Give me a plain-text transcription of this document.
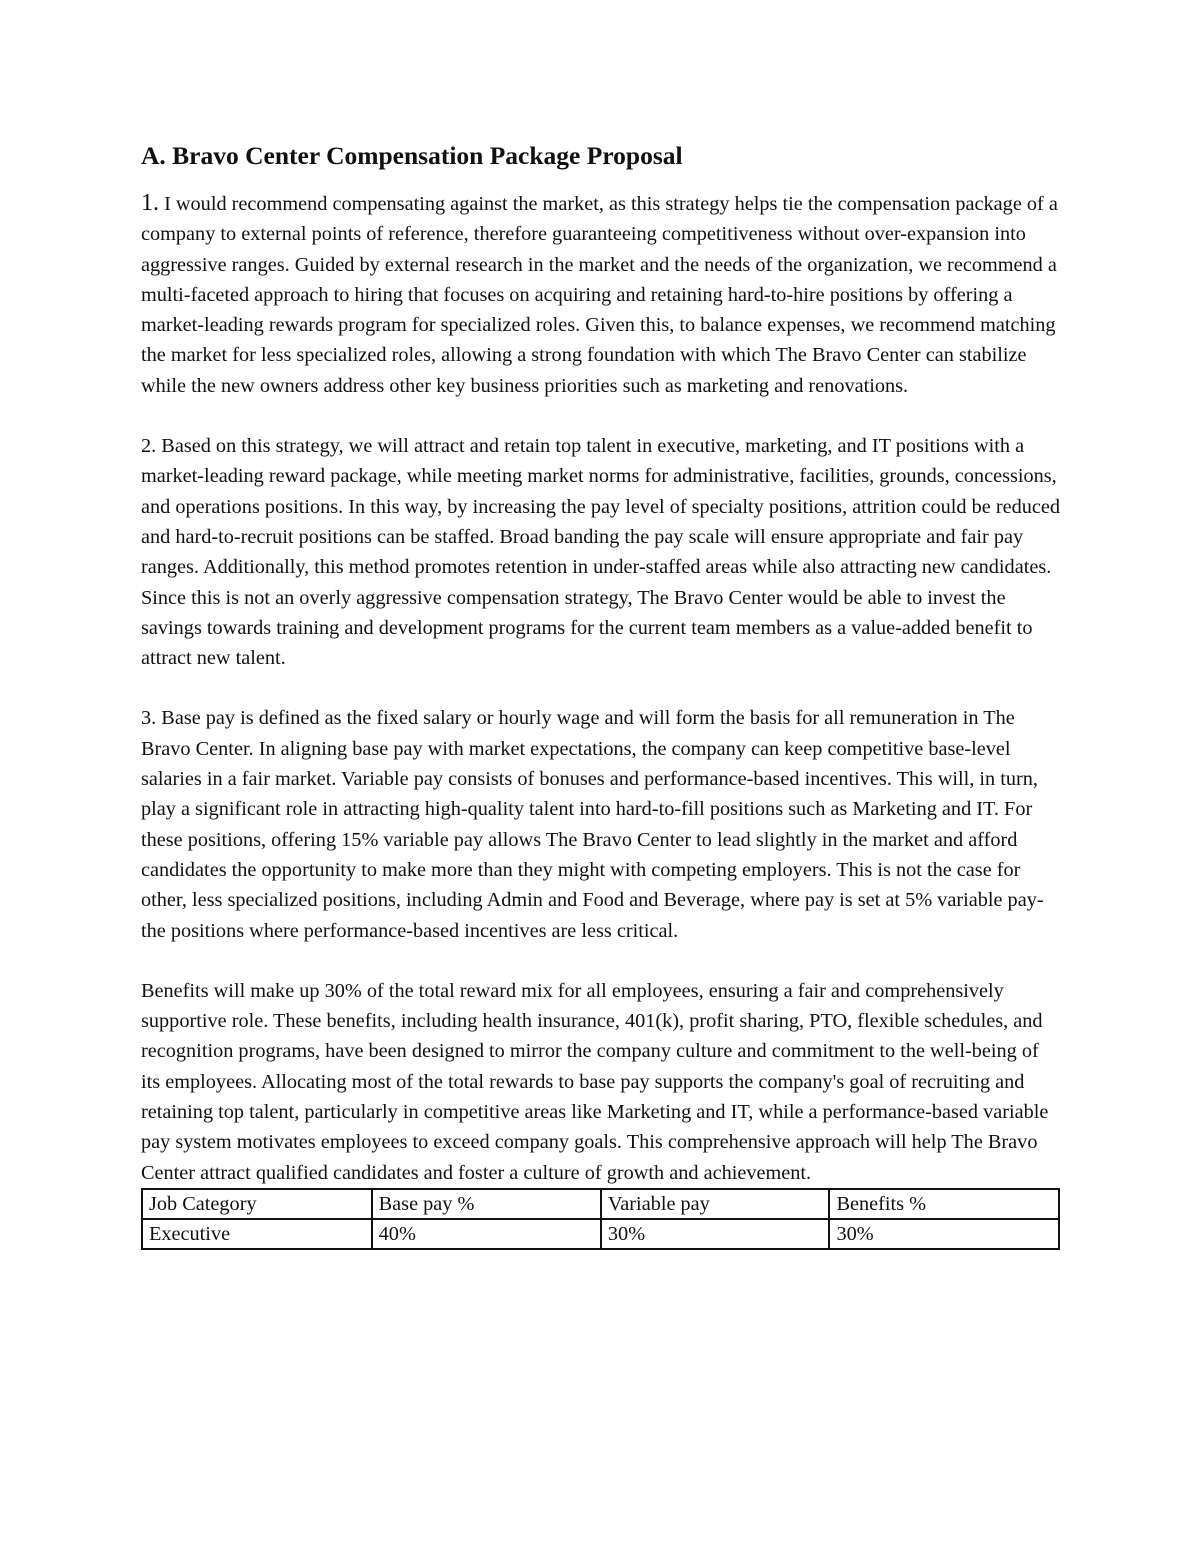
A. Bravo Center Compensation Package Proposal

1. I would recommend compensating against the market, as this strategy helps tie the compensation package of a company to external points of reference, therefore guaranteeing competitiveness without over-expansion into aggressive ranges. Guided by external research in the market and the needs of the organization, we recommend a multi-faceted approach to hiring that focuses on acquiring and retaining hard-to-hire positions by offering a market-leading rewards program for specialized roles. Given this, to balance expenses, we recommend matching the market for less specialized roles, allowing a strong foundation with which The Bravo Center can stabilize while the new owners address other key business priorities such as marketing and renovations.

2. Based on this strategy, we will attract and retain top talent in executive, marketing, and IT positions with a market-leading reward package, while meeting market norms for administrative, facilities, grounds, concessions, and operations positions. In this way, by increasing the pay level of specialty positions, attrition could be reduced and hard-to-recruit positions can be staffed. Broad banding the pay scale will ensure appropriate and fair pay ranges. Additionally, this method promotes retention in under-staffed areas while also attracting new candidates. Since this is not an overly aggressive compensation strategy, The Bravo Center would be able to invest the savings towards training and development programs for the current team members as a value-added benefit to attract new talent.

3. Base pay is defined as the fixed salary or hourly wage and will form the basis for all remuneration in The Bravo Center. In aligning base pay with market expectations, the company can keep competitive base-level salaries in a fair market. Variable pay consists of bonuses and performance-based incentives. This will, in turn, play a significant role in attracting high-quality talent into hard-to-fill positions such as Marketing and IT. For these positions, offering 15% variable pay allows The Bravo Center to lead slightly in the market and afford candidates the opportunity to make more than they might with competing employers. This is not the case for other, less specialized positions, including Admin and Food and Beverage, where pay is set at 5% variable pay-the positions where performance-based incentives are less critical.

Benefits will make up 30% of the total reward mix for all employees, ensuring a fair and comprehensively supportive role. These benefits, including health insurance, 401(k), profit sharing, PTO, flexible schedules, and recognition programs, have been designed to mirror the company culture and commitment to the well-being of its employees. Allocating most of the total rewards to base pay supports the company's goal of recruiting and retaining top talent, particularly in competitive areas like Marketing and IT, while a performance-based variable pay system motivates employees to exceed company goals. This comprehensive approach will help The Bravo Center attract qualified candidates and foster a culture of growth and achievement.

Job Category	Base pay %	Variable pay	Benefits %
Executive	40%	30%	30%
